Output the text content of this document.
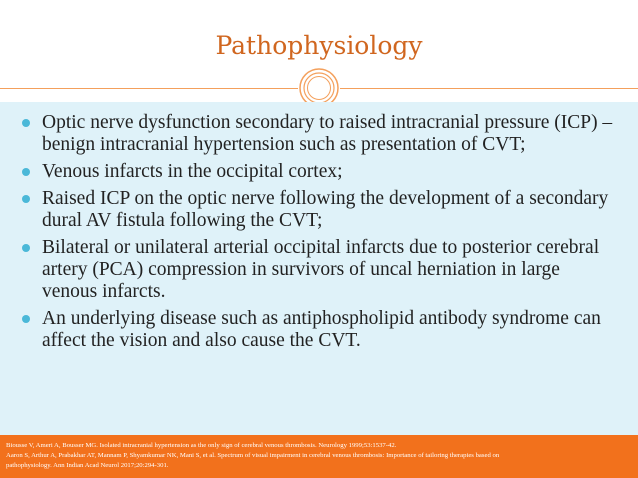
Pathophysiology
Optic nerve dysfunction secondary to raised intracranial pressure (ICP) – benign intracranial hypertension such as presentation of CVT;
Venous infarcts in the occipital cortex;
Raised ICP on the optic nerve following the development of a secondary dural AV fistula following the CVT;
Bilateral or unilateral arterial occipital infarcts due to posterior cerebral artery (PCA) compression in survivors of uncal herniation in large venous infarcts.
An underlying disease such as antiphospholipid antibody syndrome can affect the vision and also cause the CVT.
Biousse V, Ameri A, Bousser MG. Isolated intracranial hypertension as the only sign of cerebral venous thrombosis. Neurology 1999;53:1537-42.
Aaron S, Arthur A, Prabakhar AT, Mannam P, Shyamkumar NK, Mani S, et al. Spectrum of visual impairment in cerebral venous thrombosis: Importance of tailoring therapies based on
pathophysiology. Ann Indian Acad Neurol 2017;20:294-301.
